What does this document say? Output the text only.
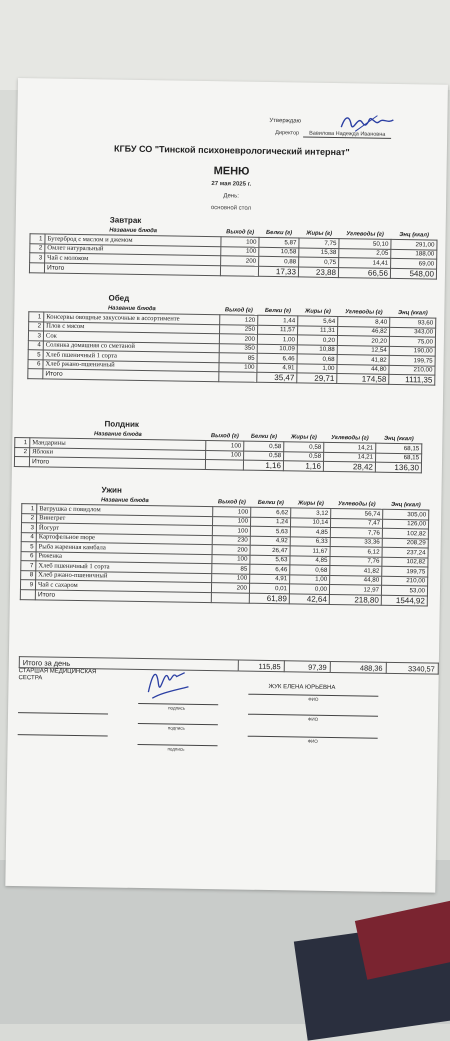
Утверждаю
Директор Вавилова Надежда Ивановна
КГБУ СО "Тинской психоневрологический интернат"
МЕНЮ
27 мая 2025 г.
День:
основной стол
Завтрак
	Название блюда	Выход (г)	Белки (г)	Жиры (г)	Углеводы (г)	Энц (ккал)
1	Бутерброд с маслом и джемом	100	5,87	7,75	50,10	291,00
2	Омлет натуральный	100	10,58	15,38	2,05	188,00
3	Чай с молоком	200	0,88	0,75	14,41	69,00
	Итого		17,33	23,88	66,56	548,00
Обед
	Название блюда	Выход (г)	Белки (г)	Жиры (г)	Углеводы (г)	Энц (ккал)
1	Консервы овощные закусочные в ассортименте	120	1,44	5,64	8,40	93,60
2	Плов с мясом	250	11,57	11,31	46,82	343,00
3	Сок	200	1,00	0,20	20,20	75,00
4	Солянка домашняя со сметаной	350	10,09	10,88	12,54	190,00
5	Хлеб пшеничный 1 сорта	85	6,46	0,68	41,82	199,75
6	Хлеб ржано-пшеничный	100	4,91	1,00	44,80	210,00
	Итого		35,47	29,71	174,58	1111,35
Полдник
	Название блюда	Выход (г)	Белки (г)	Жиры (г)	Углеводы (г)	Энц (ккал)
1	Мандарины	100	0,58	0,58	14,21	68,15
2	Яблоки	100	0,58	0,58	14,21	68,15
	Итого		1,16	1,16	28,42	136,30
Ужин
	Название блюда	Выход (г)	Белки (г)	Жиры (г)	Углеводы (г)	Энц (ккал)
1	Ватрушка с повидлом	100	6,62	3,12	56,74	305,00
2	Винегрет	100	1,24	10,14	7,47	126,00
3	Йогурт	100	5,63	4,85	7,76	102,82
4	Картофельное пюре	230	4,92	6,33	33,36	208,29
5	Рыба жаренная камбала	200	26,47	11,67	6,12	237,24
6	Ряженка	100	5,63	4,85	7,76	102,82
7	Хлеб пшеничный 1 сорта	85	6,46	0,68	41,82	199,75
8	Хлеб ржано-пшеничный	100	4,91	1,00	44,80	210,00
9	Чай с сахаром	200	0,01	0,00	12,97	53,00
	Итого		61,89	42,64	218,80	1544,92
Итого за день	115,85	97,39	488,36	3340,57
СТАРШАЯ МЕДИЦИНСКАЯ СЕСТРА
ЖУК ЕЛЕНА ЮРЬЕВНА
подпись
ФИО
подпись
ФИО
подпись
ФИО
